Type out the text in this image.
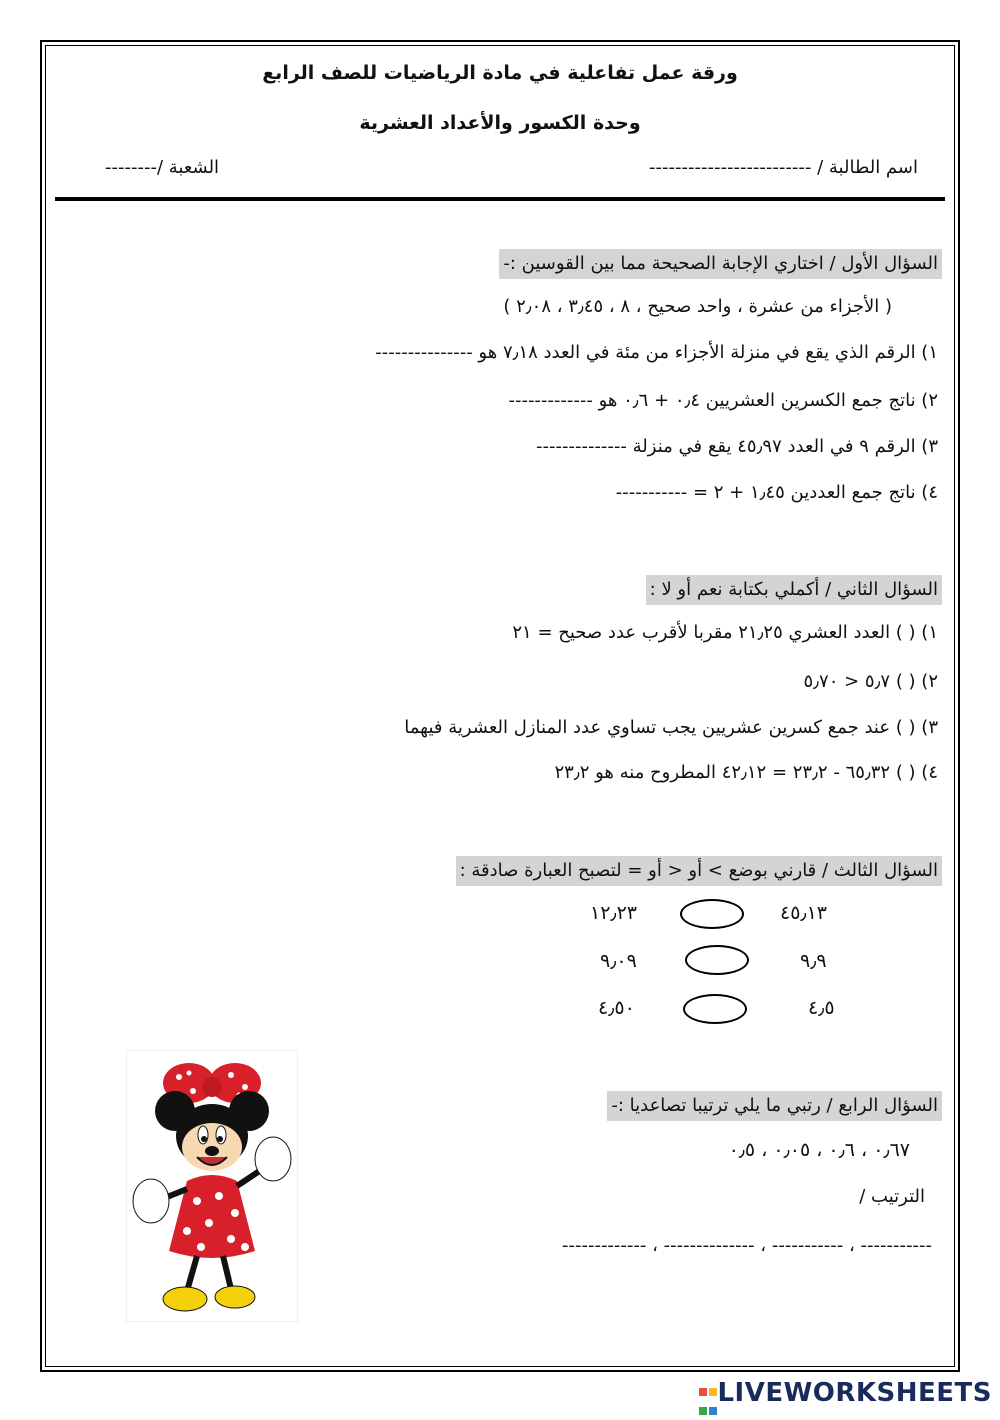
ورقة عمل تفاعلية في مادة الرياضيات للصف الرابع
وحدة الكسور والأعداد العشرية
اسم الطالبة / -------------------------
الشعبة /--------
السؤال الأول / اختاري الإجابة الصحيحة مما بين القوسين :-
( الأجزاء من عشرة ، واحد صحيح ، ٨ ، ٣٫٤٥ ، ٢٫٠٨ )
١) الرقم الذي يقع في منزلة الأجزاء من مئة في العدد ٧٫١٨ هو ---------------
٢) ناتج جمع الكسرين العشريين ٠٫٤ + ٠٫٦ هو -------------
٣) الرقم ٩ في العدد ٤٥٫٩٧ يقع في منزلة --------------
٤) ناتج جمع العددين ١٫٤٥ + ٢ = -----------
السؤال الثاني / أكملي بكتابة نعم أو لا :
١) ( ) العدد العشري ٢١٫٢٥ مقربا لأقرب عدد صحيح = ٢١
٢) ( ) ٥٫٧ < ٥٫٧٠
٣) ( ) عند جمع كسرين عشريين يجب تساوي عدد المنازل العشرية فيهما
٤) ( ) ٦٥٫٣٢ - ٢٣٫٢ = ٤٢٫١٢ المطروح منه هو ٢٣٫٢
السؤال الثالث / قارني بوضع > أو < أو = لتصبح العبارة صادقة :
٤٥٫١٣
١٢٫٢٣
٩٫٩
٩٫٠٩
٤٫٥
٤٫٥٠
السؤال الرابع / رتبي ما يلي ترتيبا تصاعديا :-
٠٫٦٧ ، ٠٫٦ ، ٠٫٠٥ ، ٠٫٥
الترتيب /
----------- ، ----------- ، -------------- ، -------------

LIVEWORKSHEETS
